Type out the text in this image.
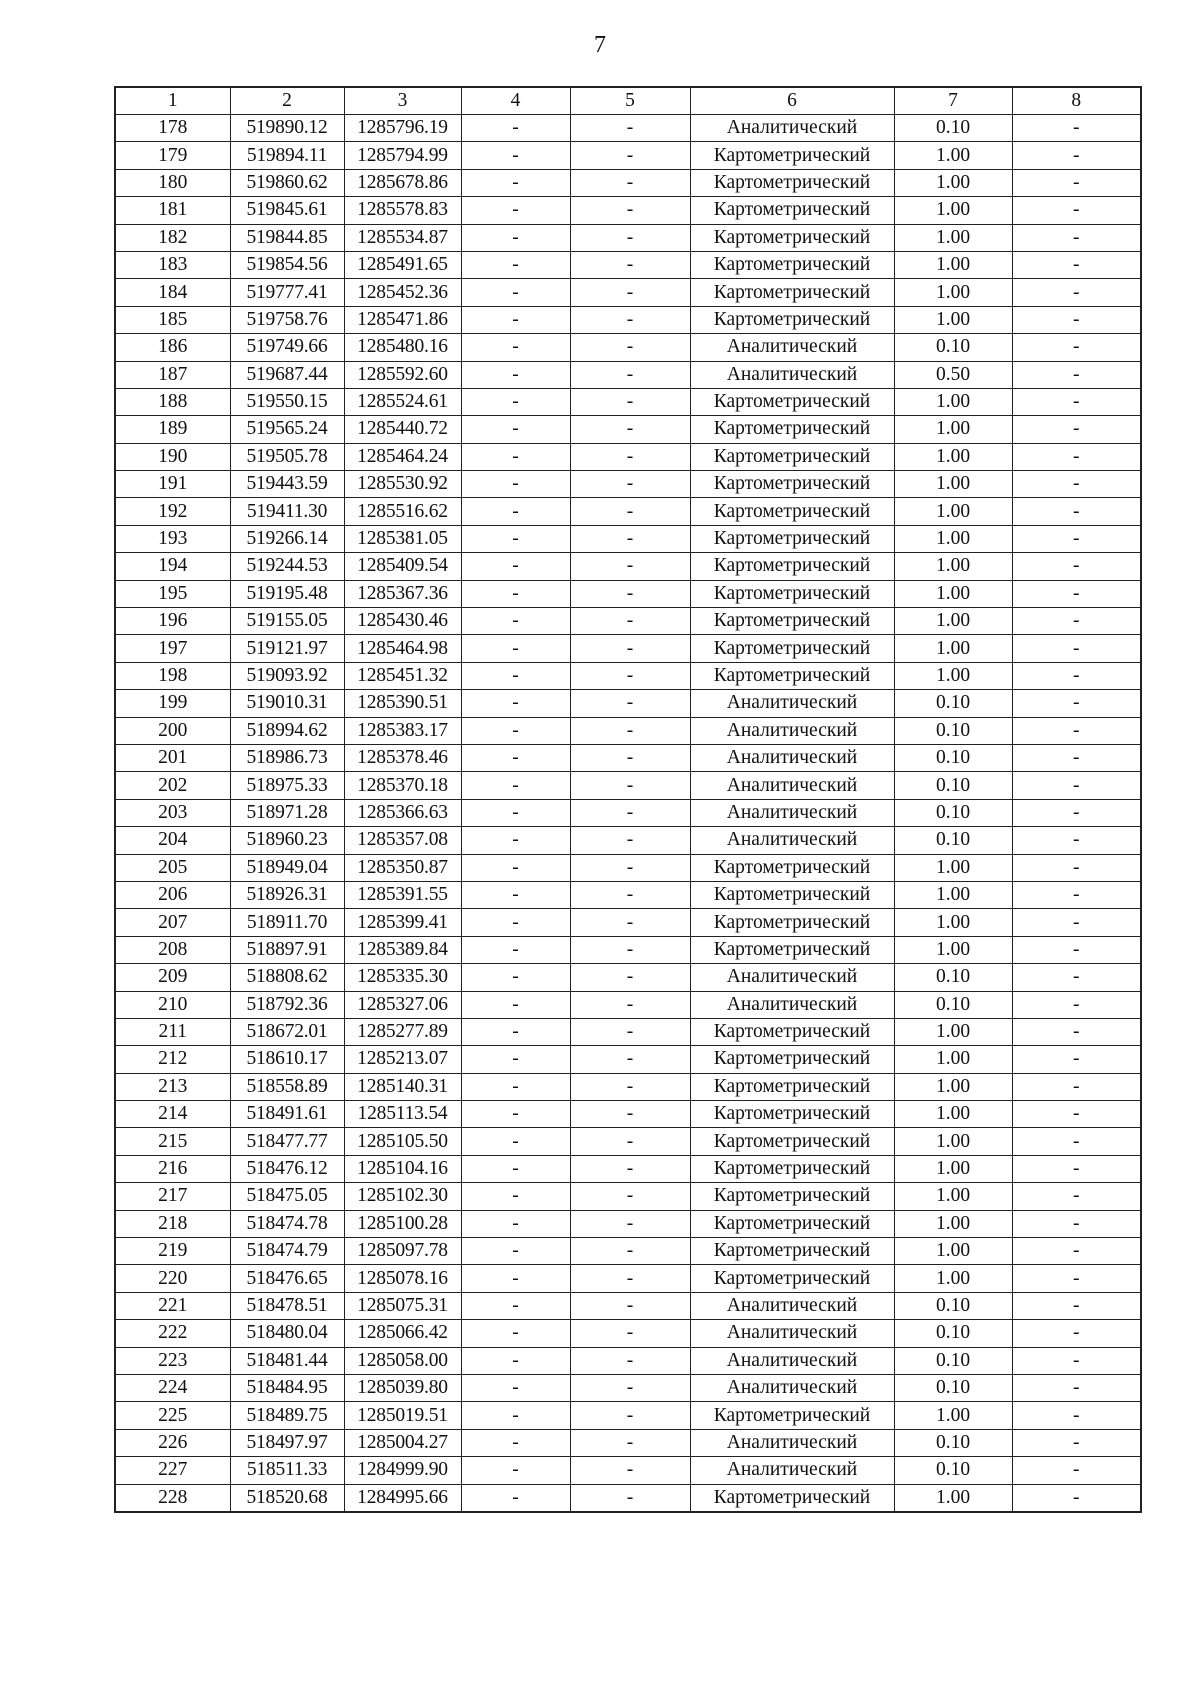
7
1	2	3	4	5	6	7	8
178	519890.12	1285796.19	-	-	Аналитический	0.10	-
179	519894.11	1285794.99	-	-	Картометрический	1.00	-
180	519860.62	1285678.86	-	-	Картометрический	1.00	-
181	519845.61	1285578.83	-	-	Картометрический	1.00	-
182	519844.85	1285534.87	-	-	Картометрический	1.00	-
183	519854.56	1285491.65	-	-	Картометрический	1.00	-
184	519777.41	1285452.36	-	-	Картометрический	1.00	-
185	519758.76	1285471.86	-	-	Картометрический	1.00	-
186	519749.66	1285480.16	-	-	Аналитический	0.10	-
187	519687.44	1285592.60	-	-	Аналитический	0.50	-
188	519550.15	1285524.61	-	-	Картометрический	1.00	-
189	519565.24	1285440.72	-	-	Картометрический	1.00	-
190	519505.78	1285464.24	-	-	Картометрический	1.00	-
191	519443.59	1285530.92	-	-	Картометрический	1.00	-
192	519411.30	1285516.62	-	-	Картометрический	1.00	-
193	519266.14	1285381.05	-	-	Картометрический	1.00	-
194	519244.53	1285409.54	-	-	Картометрический	1.00	-
195	519195.48	1285367.36	-	-	Картометрический	1.00	-
196	519155.05	1285430.46	-	-	Картометрический	1.00	-
197	519121.97	1285464.98	-	-	Картометрический	1.00	-
198	519093.92	1285451.32	-	-	Картометрический	1.00	-
199	519010.31	1285390.51	-	-	Аналитический	0.10	-
200	518994.62	1285383.17	-	-	Аналитический	0.10	-
201	518986.73	1285378.46	-	-	Аналитический	0.10	-
202	518975.33	1285370.18	-	-	Аналитический	0.10	-
203	518971.28	1285366.63	-	-	Аналитический	0.10	-
204	518960.23	1285357.08	-	-	Аналитический	0.10	-
205	518949.04	1285350.87	-	-	Картометрический	1.00	-
206	518926.31	1285391.55	-	-	Картометрический	1.00	-
207	518911.70	1285399.41	-	-	Картометрический	1.00	-
208	518897.91	1285389.84	-	-	Картометрический	1.00	-
209	518808.62	1285335.30	-	-	Аналитический	0.10	-
210	518792.36	1285327.06	-	-	Аналитический	0.10	-
211	518672.01	1285277.89	-	-	Картометрический	1.00	-
212	518610.17	1285213.07	-	-	Картометрический	1.00	-
213	518558.89	1285140.31	-	-	Картометрический	1.00	-
214	518491.61	1285113.54	-	-	Картометрический	1.00	-
215	518477.77	1285105.50	-	-	Картометрический	1.00	-
216	518476.12	1285104.16	-	-	Картометрический	1.00	-
217	518475.05	1285102.30	-	-	Картометрический	1.00	-
218	518474.78	1285100.28	-	-	Картометрический	1.00	-
219	518474.79	1285097.78	-	-	Картометрический	1.00	-
220	518476.65	1285078.16	-	-	Картометрический	1.00	-
221	518478.51	1285075.31	-	-	Аналитический	0.10	-
222	518480.04	1285066.42	-	-	Аналитический	0.10	-
223	518481.44	1285058.00	-	-	Аналитический	0.10	-
224	518484.95	1285039.80	-	-	Аналитический	0.10	-
225	518489.75	1285019.51	-	-	Картометрический	1.00	-
226	518497.97	1285004.27	-	-	Аналитический	0.10	-
227	518511.33	1284999.90	-	-	Аналитический	0.10	-
228	518520.68	1284995.66	-	-	Картометрический	1.00	-
